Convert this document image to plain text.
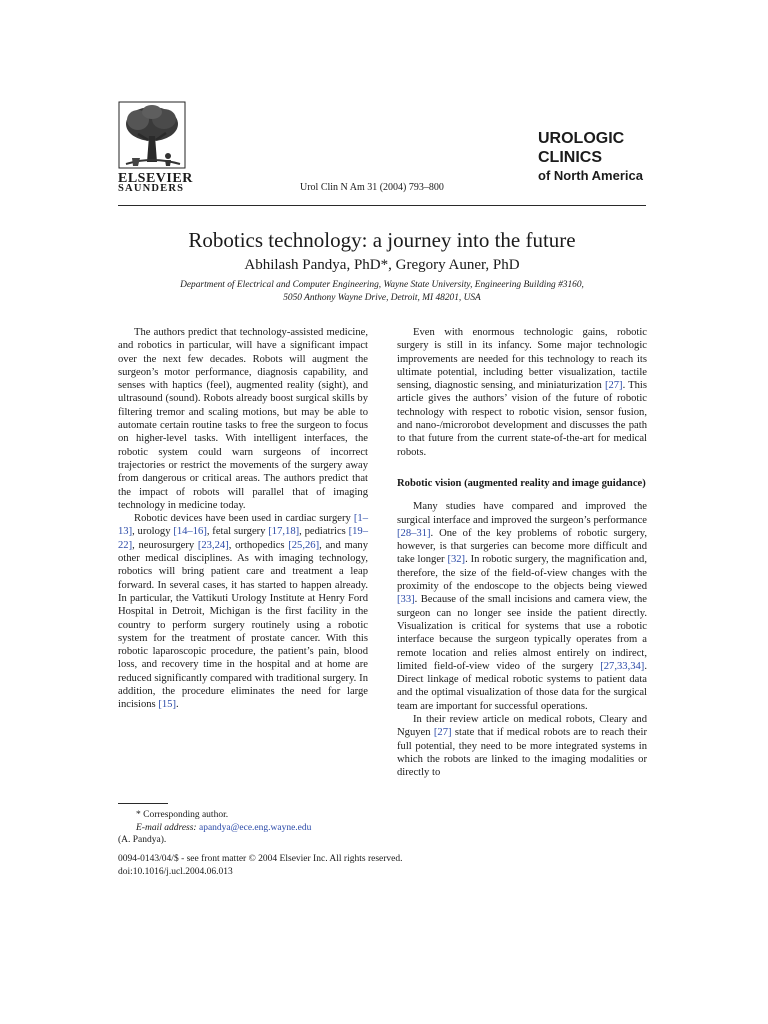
ELSEVIER
SAUNDERS	Urol Clin N Am 31 (2004) 793–800
UROLOGIC
CLINICS
of North America
Robotics technology: a journey into the future
Abhilash Pandya, PhD*, Gregory Auner, PhD
Department of Electrical and Computer Engineering, Wayne State University, Engineering Building #3160,
5050 Anthony Wayne Drive, Detroit, MI 48201, USA

The authors predict that technology-assisted medicine, and robotics in particular, will have a significant impact over the next few decades. Robots will augment the surgeon’s motor performance, diagnosis capability, and senses with haptics (feel), augmented reality (sight), and ultrasound (sound). Robots already boost surgical skills by filtering tremor and scaling motions, but may be able to automate certain routine tasks to free the surgeon to focus on higher-level tasks. With intelligent interfaces, the robotic system could warn surgeons of incorrect trajectories or restrict the movements of the surgery away from dangerous or critical areas. The authors predict that the impact of robots will parallel that of imaging technology in medicine today.

Robotic devices have been used in cardiac surgery [1–13], urology [14–16], fetal surgery [17,18], pediatrics [19–22], neurosurgery [23,24], orthopedics [25,26], and many other medical disciplines. As with imaging technology, robotics will bring patient care and treatment a leap forward. In several cases, it has started to happen already. In particular, the Vattikuti Urology Institute at Henry Ford Hospital in Detroit, Michigan is the first facility in the country to perform surgery routinely using a robotic system for the treatment of prostate cancer. With this robotic laparoscopic procedure, the patient’s pain, blood loss, and recovery time in the hospital and at home are reduced significantly compared with traditional surgery. In addition, the procedure eliminates the need for large incisions [15].

Even with enormous technologic gains, robotic surgery is still in its infancy. Some major technologic improvements are needed for this technology to reach its ultimate potential, including better visualization, tactile sensing, diagnostic sensing, and miniaturization [27]. This article gives the authors’ vision of the future of robotic technology with respect to robotic vision, sensor fusion, and nano-/microrobot development and discusses the path to that future from the current state-of-the-art for medical robots.

Robotic vision (augmented reality and image guidance)

Many studies have compared and improved the surgical interface and improved the surgeon’s performance [28–31]. One of the key problems of robotic surgery, however, is that surgeries can become more difficult and take longer [32]. In robotic surgery, the magnification and, therefore, the size of the field-of-view changes with the proximity of the endoscope to the objects being viewed [33]. Because of the small incisions and camera view, the surgeon can no longer see inside the patient directly. Visualization is critical for systems that use a robotic interface because the surgeon typically operates from a remote location and relies almost entirely on indirect, limited field-of-view video of the surgery [27,33,34]. Direct linkage of medical robotic systems to patient data and the optimal visualization of those data for the surgical team are important for successful operations.

In their review article on medical robots, Cleary and Nguyen [27] state that if medical robots are to reach their full potential, they need to be more integrated systems in which the robots are linked to the imaging modalities or directly to

* Corresponding author.
E-mail address: apandya@ece.eng.wayne.edu
(A. Pandya).
0094-0143/04/$ - see front matter © 2004 Elsevier Inc. All rights reserved.
doi:10.1016/j.ucl.2004.06.013
